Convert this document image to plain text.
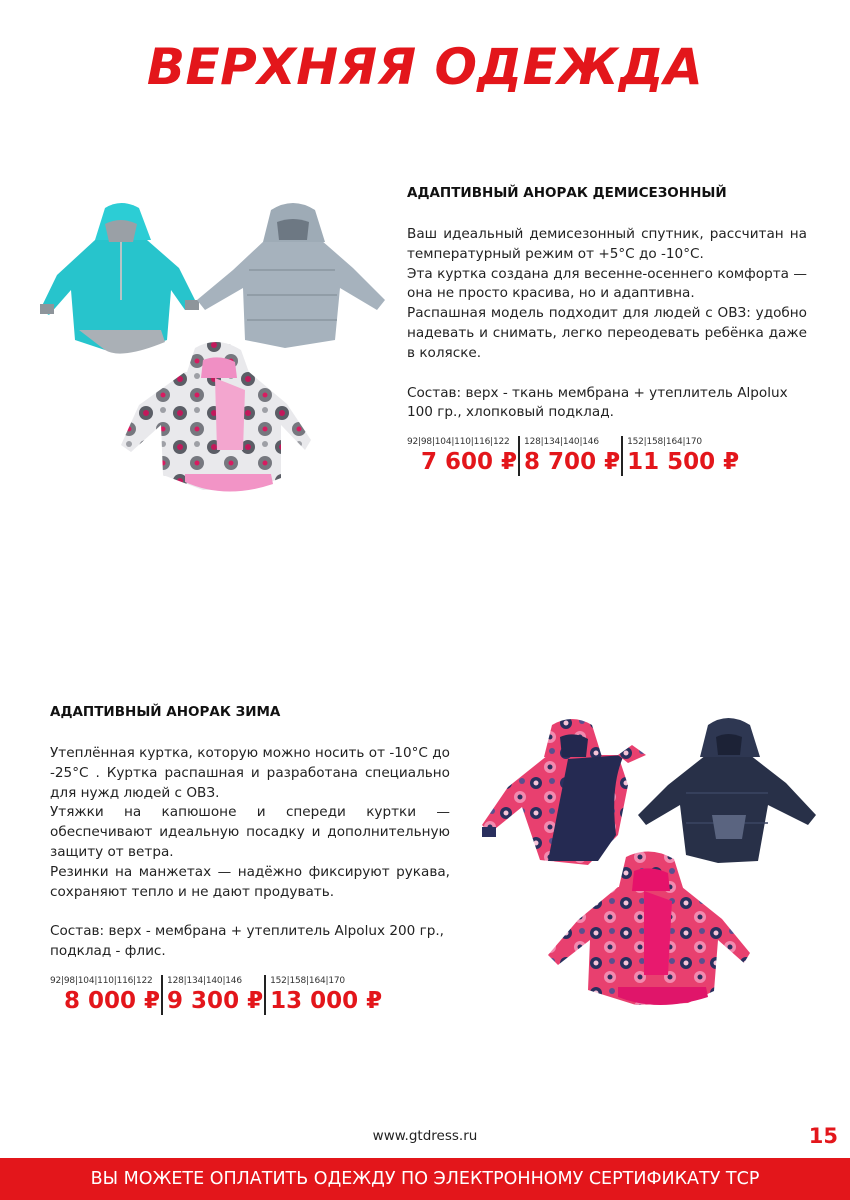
ВЕРХНЯЯ ОДЕЖДА
АДАПТИВНЫЙ АНОРАК ДЕМИСЕЗОННЫЙ

Ваш идеальный демисезонный спутник, рассчитан на температурный режим от +5°С до -10°С.

Эта куртка создана для весенне-осеннего комфорта — она не просто красива, но и адаптивна.

Распашная модель подходит для людей с ОВЗ: удобно надевать и снимать, легко переодевать ребёнка даже в коляске.

Состав: верх - ткань мембрана + утеплитель Alpolux 100 гр., хлопковый подклад.
92|98|104|110|116|122
7 600 ₽
128|134|140|146
8 700 ₽
152|158|164|170
11 500 ₽
АДАПТИВНЫЙ АНОРАК ЗИМА

Утеплённая куртка, которую можно носить от -10°С до -25°С . Куртка распашная и разработана специально для нужд людей с ОВЗ.

Утяжки на капюшоне и спереди куртки — обеспечивают идеальную посадку и дополнительную защиту от ветра.

Резинки на манжетах — надёжно фиксируют рукава, сохраняют тепло и не дают продувать.

Состав: верх - мембрана + утеплитель Alpolux 200 гр., подклад - флис.
92|98|104|110|116|122
8 000 ₽
128|134|140|146
9 300 ₽
152|158|164|170
13 000 ₽
www.gtdress.ru	15
ВЫ МОЖЕТЕ ОПЛАТИТЬ ОДЕЖДУ ПО ЭЛЕКТРОННОМУ СЕРТИФИКАТУ ТСР
